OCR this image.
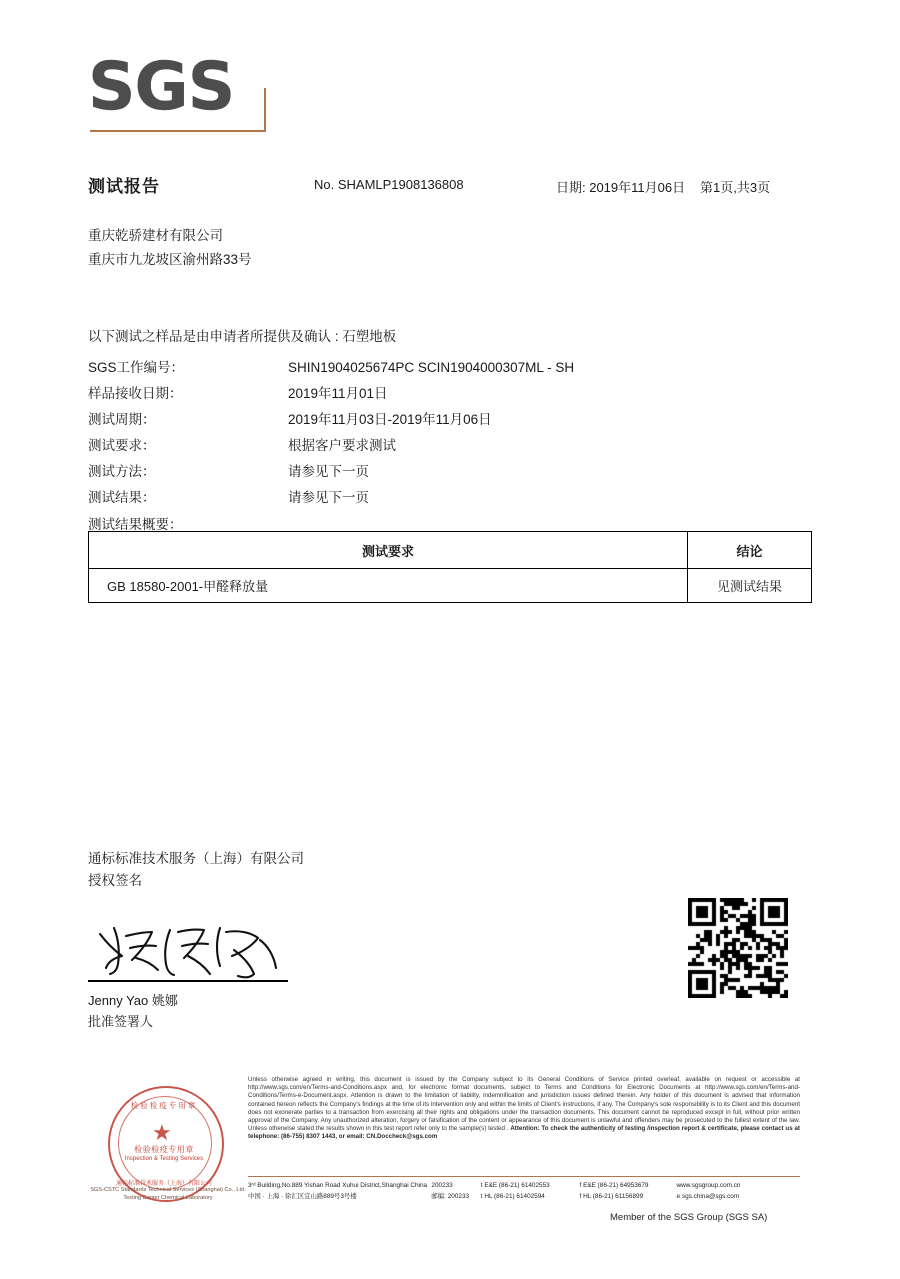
SGS
测试报告	No. SHAMLP1908136808	日期: 2019年11月06日 第1页,共3页
重庆乾骄建材有限公司
重庆市九龙坡区渝州路33号
以下测试之样品是由申请者所提供及确认 : 石塑地板
SGS工作编号：	SHIN1904025674PC SCIN1904000307ML - SH
样品接收日期：	2019年11月01日
测试周期：	2019年11月03日-2019年11月06日
测试要求：	根据客户要求测试
测试方法：	请参见下一页
测试结果：	请参见下一页
测试结果概要：
测试要求	结论
GB 18580-2001-甲醛释放量	见测试结果
通标标准技术服务（上海）有限公司
授权签名
Jenny Yao 姚娜
批准签署人
检验检疫专用章
★
检验检疫专用章
Inspection & Testing Services
通标标准技术服务（上海）有限公司
SGS-CSTC Standards Technical Services (Shanghai) Co., Ltd. Testing Center Chemical Laboratory
Unless otherwise agreed in writing, this document is issued by the Company subject to its General Conditions of Service printed overleaf, available on request or accessible at http://www.sgs.com/en/Terms-and-Conditions.aspx and, for electronic format documents, subject to Terms and Conditions for Electronic Documents at http://www.sgs.com/en/Terms-and-Conditions/Terms-e-Document.aspx. Attention is drawn to the limitation of liability, indemnification and jurisdiction issues defined therein. Any holder of this document is advised that information contained hereon reflects the Company's findings at the time of its intervention only and within the limits of Client's instructions, if any. The Company's sole responsibility is to its Client and this document does not exonerate parties to a transaction from exercising all their rights and obligations under the transaction documents. This document cannot be reproduced except in full, without prior written approval of the Company. Any unauthorized alteration, forgery or falsification of the content or appearance of this document is unlawful and offenders may be prosecuted to the fullest extent of the law. Unless otherwise stated the results shown in this test report refer only to the sample(s) tested . Attention: To check the authenticity of testing /inspection report & certificate, please contact us at telephone: (86-755) 8307 1443, or email: CN.Doccheck@sgs.com
3ʳᵈ Building,No.889 Yishan Road Xuhui District,Shanghai China 200233	t E&E (86-21) 61402553	f E&E (86-21) 64953679	www.sgsgroup.com.cn
中国 · 上海 · 徐汇区宜山路889号3号楼	邮编: 200233	t HL (86-21) 61402594	f HL (86-21) 61156899	e sgs.china@sgs.com
Member of the SGS Group (SGS SA)
